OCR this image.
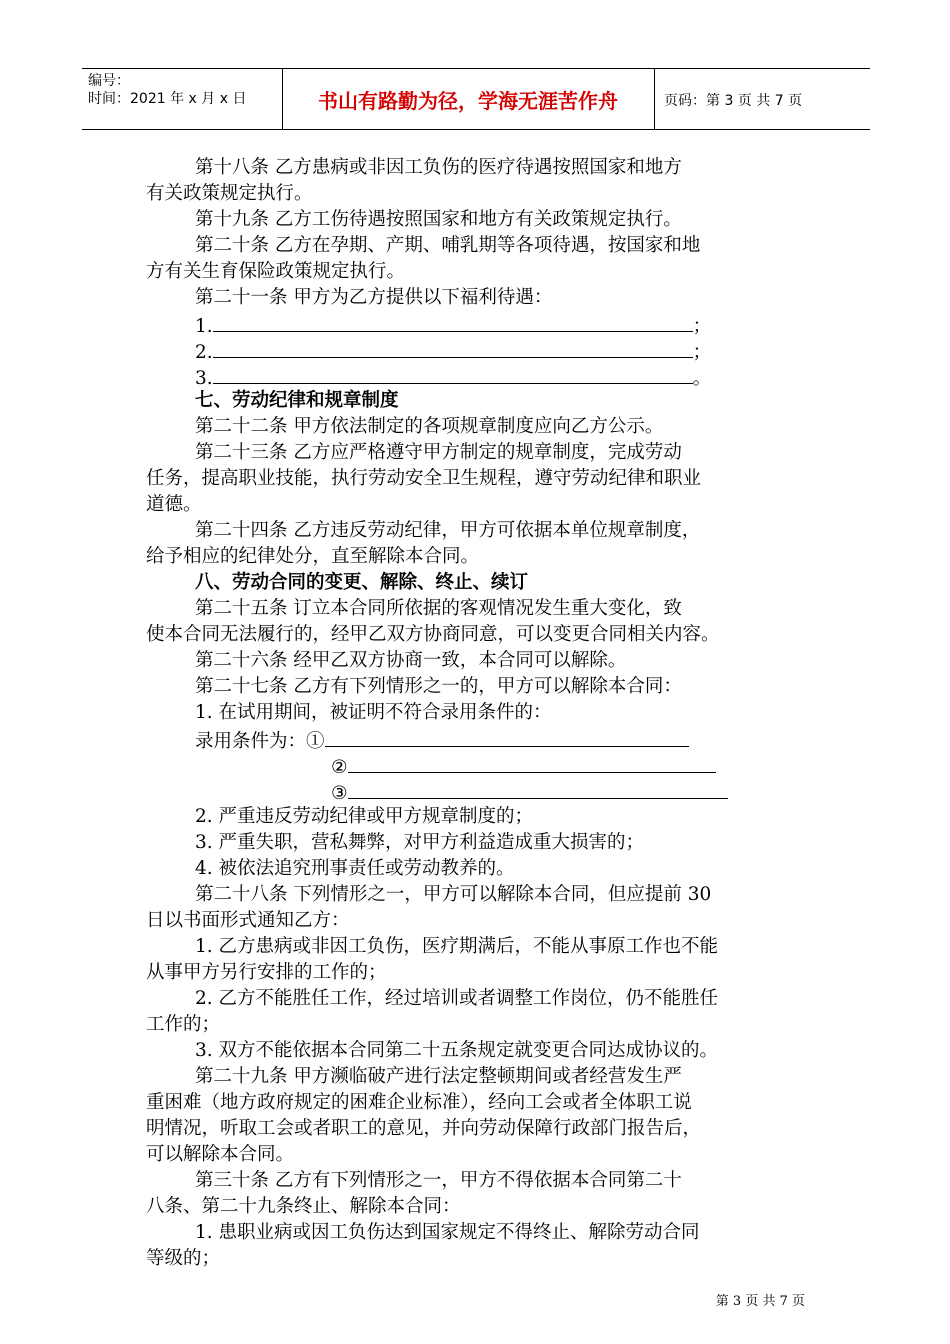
编号：
时间：2021 年 x 月 x 日	书山有路勤为径，学海无涯苦作舟	页码：第 3 页 共 7 页
第十八条 乙方患病或非因工负伤的医疗待遇按照国家和地方
有关政策规定执行。
第十九条 乙方工伤待遇按照国家和地方有关政策规定执行。
第二十条 乙方在孕期、产期、哺乳期等各项待遇，按国家和地
方有关生育保险政策规定执行。
第二十一条 甲方为乙方提供以下福利待遇：
1.	；
2.	；
3.	。
七、劳动纪律和规章制度
第二十二条 甲方依法制定的各项规章制度应向乙方公示。
第二十三条 乙方应严格遵守甲方制定的规章制度，完成劳动
任务，提高职业技能，执行劳动安全卫生规程，遵守劳动纪律和职业
道德。
第二十四条 乙方违反劳动纪律，甲方可依据本单位规章制度，
给予相应的纪律处分，直至解除本合同。
八、劳动合同的变更、解除、终止、续订
第二十五条 订立本合同所依据的客观情况发生重大变化，致
使本合同无法履行的，经甲乙双方协商同意，可以变更合同相关内容。
第二十六条 经甲乙双方协商一致，本合同可以解除。
第二十七条 乙方有下列情形之一的，甲方可以解除本合同：
1. 在试用期间，被证明不符合录用条件的：
录用条件为：①
②
③
2. 严重违反劳动纪律或甲方规章制度的；
3. 严重失职，营私舞弊，对甲方利益造成重大损害的；
4. 被依法追究刑事责任或劳动教养的。
第二十八条 下列情形之一，甲方可以解除本合同，但应提前 30
日以书面形式通知乙方：
1. 乙方患病或非因工负伤，医疗期满后，不能从事原工作也不能
从事甲方另行安排的工作的；
2. 乙方不能胜任工作，经过培训或者调整工作岗位，仍不能胜任
工作的；
3. 双方不能依据本合同第二十五条规定就变更合同达成协议的。
第二十九条 甲方濒临破产进行法定整顿期间或者经营发生严
重困难（地方政府规定的困难企业标准），经向工会或者全体职工说
明情况，听取工会或者职工的意见，并向劳动保障行政部门报告后，
可以解除本合同。
第三十条 乙方有下列情形之一，甲方不得依据本合同第二十
八条、第二十九条终止、解除本合同：
1. 患职业病或因工负伤达到国家规定不得终止、解除劳动合同
等级的；
第 3 页 共 7 页
